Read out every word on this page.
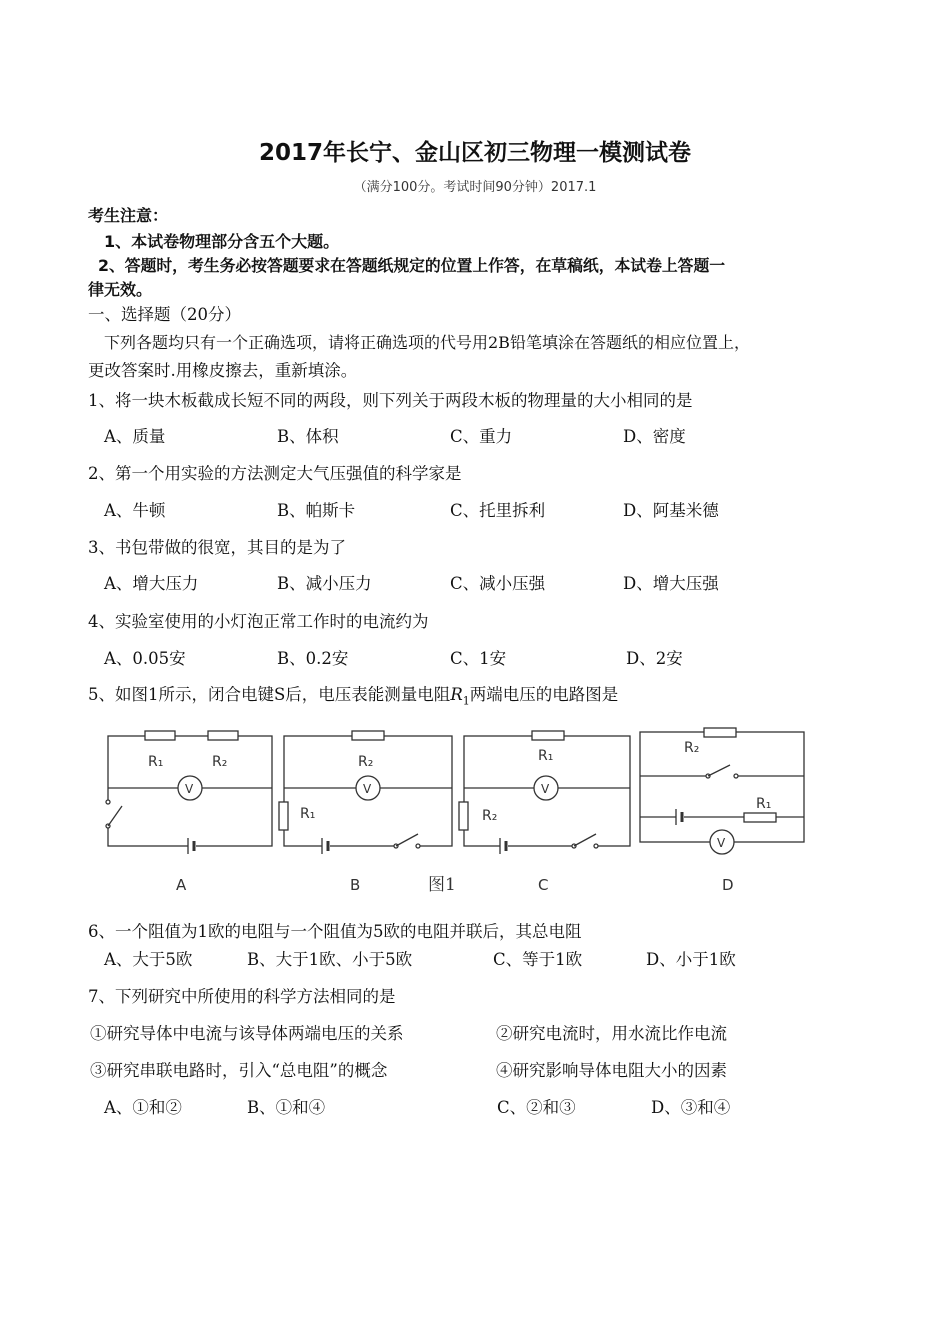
2017年长宁、金山区初三物理一模测试卷
（满分100分。考试时间90分钟）2017.1
考生注意：
1、本试卷物理部分含五个大题。
2、答题时，考生务必按答题要求在答题纸规定的位置上作答，在草稿纸，本试卷上答题一
律无效。
一、选择题（20分）
下列各题均只有一个正确选项，请将正确选项的代号用2B铅笔填涂在答题纸的相应位置上，
更改答案时.用橡皮擦去，重新填涂。
1、将一块木板截成长短不同的两段，则下列关于两段木板的物理量的大小相同的是
A、质量	B、体积	C、重力	D、密度
2、第一个用实验的方法测定大气压强值的科学家是
A、牛顿	B、帕斯卡	C、托里拆利	D、阿基米德
3、书包带做的很宽，其目的是为了
A、增大压力	B、减小压力	C、减小压强	D、增大压强
4、实验室使用的小灯泡正常工作时的电流约为
A、0.05安	B、0.2安	C、1安	D、2安
5、如图1所示，闭合电键S后，电压表能测量电阻$R_1$两端电压的电路图是
R₁	R₂
V
R₂
R₁
V
R₁
R₂
V
R₂
R₁
V
A	B	图1	C	D
6、一个阻值为1欧的电阻与一个阻值为5欧的电阻并联后，其总电阻
A、大于5欧	B、大于1欧、小于5欧	C、等于1欧	D、小于1欧
7、下列研究中所使用的科学方法相同的是
①研究导体中电流与该导体两端电压的关系	②研究电流时，用水流比作电流
③研究串联电路时，引入“总电阻”的概念	④研究影响导体电阻大小的因素
A、①和②	B、①和④	C、②和③	D、③和④
